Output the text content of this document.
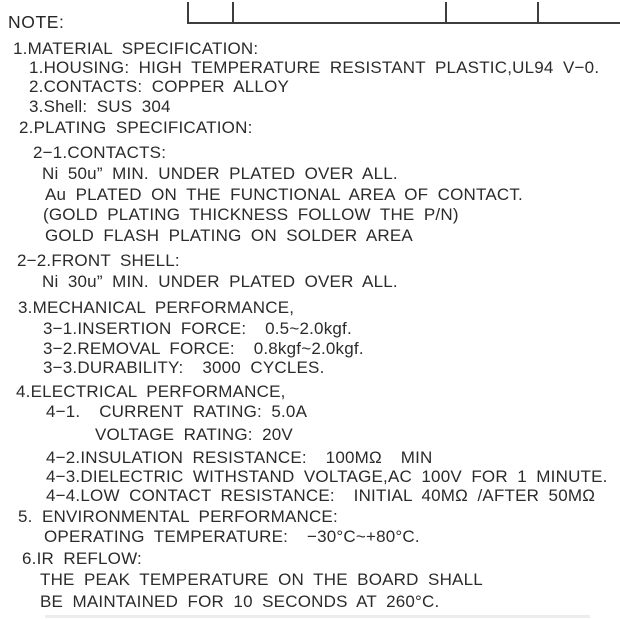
NOTE:
1.MATERIAL SPECIFICATION:
1.HOUSING: HIGH TEMPERATURE RESISTANT PLASTIC,UL94 V−0.
2.CONTACTS: COPPER ALLOY
3.Shell: SUS 304
2.PLATING SPECIFICATION:
2−1.CONTACTS:
Ni 50u” MIN. UNDER PLATED OVER ALL.
Au PLATED ON THE FUNCTIONAL AREA OF CONTACT.
(GOLD PLATING THICKNESS FOLLOW THE P/N)
GOLD FLASH PLATING ON SOLDER AREA
2−2.FRONT SHELL:
Ni 30u” MIN. UNDER PLATED OVER ALL.
3.MECHANICAL PERFORMANCE,
3−1.INSERTION FORCE:  0.5~2.0kgf.
3−2.REMOVAL FORCE:  0.8kgf~2.0kgf.
3−3.DURABILITY:  3000 CYCLES.
4.ELECTRICAL PERFORMANCE,
4−1.  CURRENT RATING: 5.0A
VOLTAGE RATING: 20V
4−2.INSULATION RESISTANCE:  100MΩ  MIN
4−3.DIELECTRIC WITHSTAND VOLTAGE,AC 100V FOR 1 MINUTE.
4−4.LOW CONTACT RESISTANCE:  INITIAL 40MΩ /AFTER 50MΩ
5. ENVIRONMENTAL PERFORMANCE:
OPERATING TEMPERATURE:  −30°C~+80°C.
6.IR REFLOW:
THE PEAK TEMPERATURE ON THE BOARD SHALL
BE MAINTAINED FOR 10 SECONDS AT 260°C.
